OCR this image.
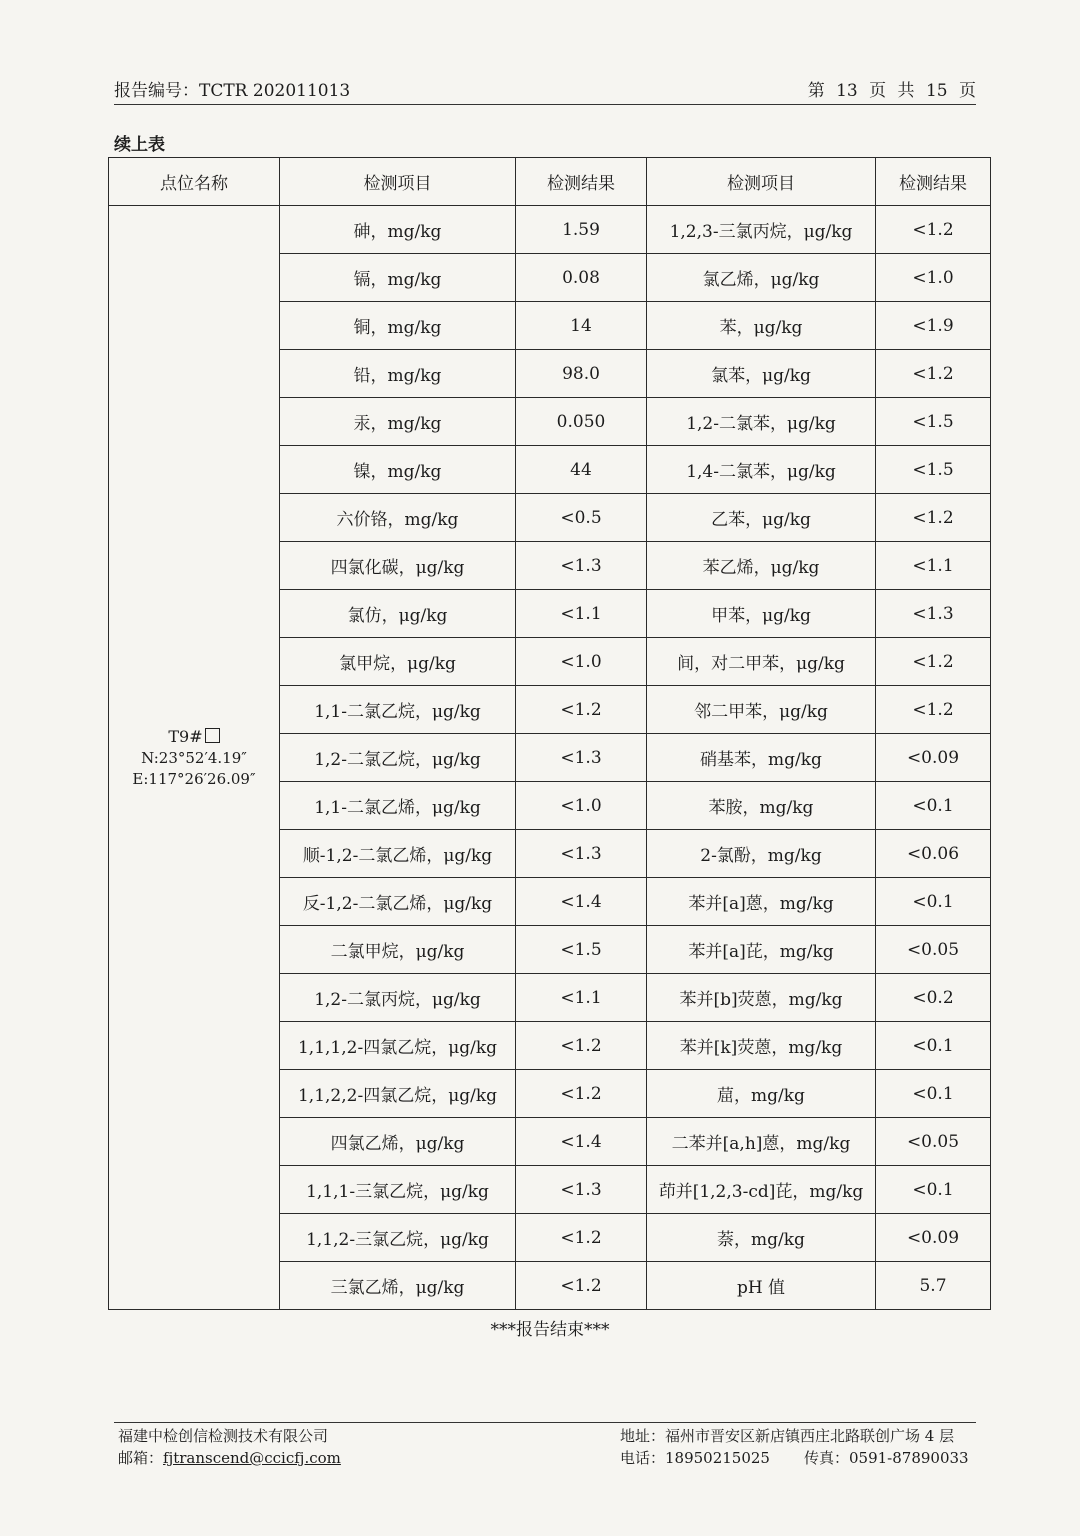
报告编号：TCTR 202011013	第 13 页 共 15 页
续上表
点位名称	检测项目	检测结果	检测项目	检测结果

T9#
N:23°52′4.19″
E:117°26′26.09″	砷，mg/kg	1.59	1,2,3-三氯丙烷，μg/kg	<1.2
	镉，mg/kg	0.08	氯乙烯，μg/kg	<1.0
	铜，mg/kg	14	苯，μg/kg	<1.9
	铅，mg/kg	98.0	氯苯，μg/kg	<1.2
	汞，mg/kg	0.050	1,2-二氯苯，μg/kg	<1.5
	镍，mg/kg	44	1,4-二氯苯，μg/kg	<1.5
	六价铬，mg/kg	<0.5	乙苯，μg/kg	<1.2
	四氯化碳，μg/kg	<1.3	苯乙烯，μg/kg	<1.1
	氯仿，μg/kg	<1.1	甲苯，μg/kg	<1.3
	氯甲烷，μg/kg	<1.0	间，对二甲苯，μg/kg	<1.2
	1,1-二氯乙烷，μg/kg	<1.2	邻二甲苯，μg/kg	<1.2
	1,2-二氯乙烷，μg/kg	<1.3	硝基苯，mg/kg	<0.09
	1,1-二氯乙烯，μg/kg	<1.0	苯胺，mg/kg	<0.1
	顺-1,2-二氯乙烯，μg/kg	<1.3	2-氯酚，mg/kg	<0.06
	反-1,2-二氯乙烯，μg/kg	<1.4	苯并[a]蒽，mg/kg	<0.1
	二氯甲烷，μg/kg	<1.5	苯并[a]芘，mg/kg	<0.05
	1,2-二氯丙烷，μg/kg	<1.1	苯并[b]荧蒽，mg/kg	<0.2
	1,1,1,2-四氯乙烷，μg/kg	<1.2	苯并[k]荧蒽，mg/kg	<0.1
	1,1,2,2-四氯乙烷，μg/kg	<1.2	䓛，mg/kg	<0.1
	四氯乙烯，μg/kg	<1.4	二苯并[a,h]蒽，mg/kg	<0.05
	1,1,1-三氯乙烷，μg/kg	<1.3	茚并[1,2,3-cd]芘，mg/kg	<0.1
	1,1,2-三氯乙烷，μg/kg	<1.2	萘，mg/kg	<0.09
	三氯乙烯，μg/kg	<1.2	pH 值	5.7
***报告结束***
福建中检创信检测技术有限公司
邮箱：fjtranscend@ccicfj.com
地址：福州市晋安区新店镇西庄北路联创广场 4 层
电话：18950215025 传真：0591-87890033
